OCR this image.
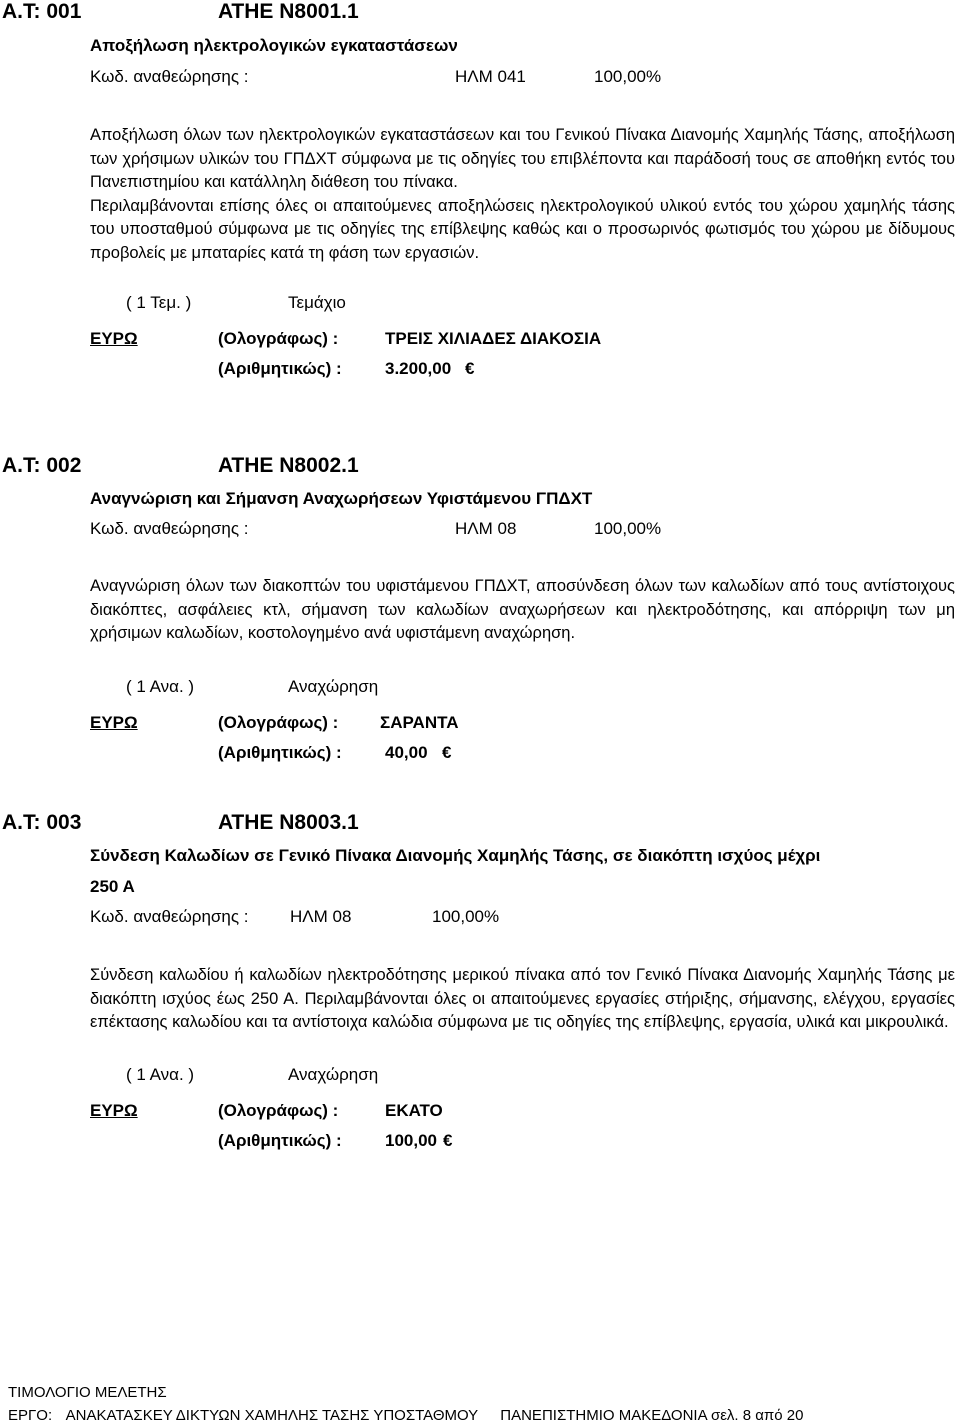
Α.Τ: 001	ΑΤΗΕ Ν8001.1
Αποξήλωση ηλεκτρολογικών εγκαταστάσεων
Κωδ. αναθεώρησης :	ΗΛΜ 041	100,00%

Αποξήλωση όλων των ηλεκτρολογικών εγκαταστάσεων και του Γενικού Πίνακα Διανομής Χαμηλής Τάσης, αποξήλωση των χρήσιμων υλικών του ΓΠΔΧΤ σύμφωνα με τις οδηγίες του επιβλέποντα και παράδοσή τους σε αποθήκη εντός του Πανεπιστημίου και κατάλληλη διάθεση του πίνακα.

Περιλαμβάνονται επίσης όλες οι απαιτούμενες αποξηλώσεις ηλεκτρολογικού υλικού εντός του χώρου χαμηλής τάσης του υποσταθμού σύμφωνα με τις οδηγίες της επίβλεψης καθώς και ο προσωρινός φωτισμός του χώρου με δίδυμους προβολείς με μπαταρίες κατά τη φάση των εργασιών.

( 1 Τεμ. )	Τεμάχιο
ΕΥΡΩ	(Ολογράφως) :	ΤΡΕΙΣ ΧΙΛΙΑΔΕΣ ΔΙΑΚΟΣΙΑ
(Αριθμητικώς) :	3.200,00 €
Α.Τ: 002	ΑΤΗΕ Ν8002.1
Αναγνώριση και Σήμανση Αναχωρήσεων Υφιστάμενου ΓΠΔΧΤ
Κωδ. αναθεώρησης :	ΗΛΜ 08	100,00%

Αναγνώριση όλων των διακοπτών του υφιστάμενου ΓΠΔΧΤ, αποσύνδεση όλων των καλωδίων από τους αντίστοιχους διακόπτες, ασφάλειες κτλ, σήμανση των καλωδίων αναχωρήσεων και ηλεκτροδότησης, και απόρριψη των μη χρήσιμων καλωδίων, κοστολογημένο ανά υφιστάμενη αναχώρηση.

( 1 Ανα. )	Αναχώρηση
ΕΥΡΩ	(Ολογράφως) : ΣΑΡΑΝΤΑ
(Αριθμητικώς) :	40,00 €
Α.Τ: 003	ΑΤΗΕ Ν8003.1
Σύνδεση Καλωδίων σε Γενικό Πίνακα Διανομής Χαμηλής Τάσης, σε διακόπτη ισχύος μέχρι
250 Α
Κωδ. αναθεώρησης : ΗΛΜ 08	100,00%

Σύνδεση καλωδίου ή καλωδίων ηλεκτροδότησης μερικού πίνακα από τον Γενικό Πίνακα Διανομής Χαμηλής Τάσης με διακόπτη ισχύος έως 250 Α. Περιλαμβάνονται όλες οι απαιτούμενες εργασίες στήριξης, σήμανσης, ελέγχου, εργασίες επέκτασης καλωδίου και τα αντίστοιχα καλώδια σύμφωνα με τις οδηγίες της επίβλεψης, εργασία, υλικά και μικρουλικά.

( 1 Ανα. )	Αναχώρηση
ΕΥΡΩ	(Ολογράφως) :	ΕΚΑΤΟ
(Αριθμητικώς) :	100,00 €
ΤΙΜΟΛΟΓΙΟ ΜΕΛΕΤΗΣ
ΕΡΓΟ: ΑΝΑΚΑΤΑΣΚΕΥ ΔΙΚΤΥΩΝ ΧΑΜΗΛΗΣ ΤΑΣΗΣ ΥΠΟΣΤΑΘΜΟΥ ΠΑΝΕΠΙΣΤΗΜΙΟ ΜΑΚΕΔΟΝΙΑ σελ. 8 από 20
